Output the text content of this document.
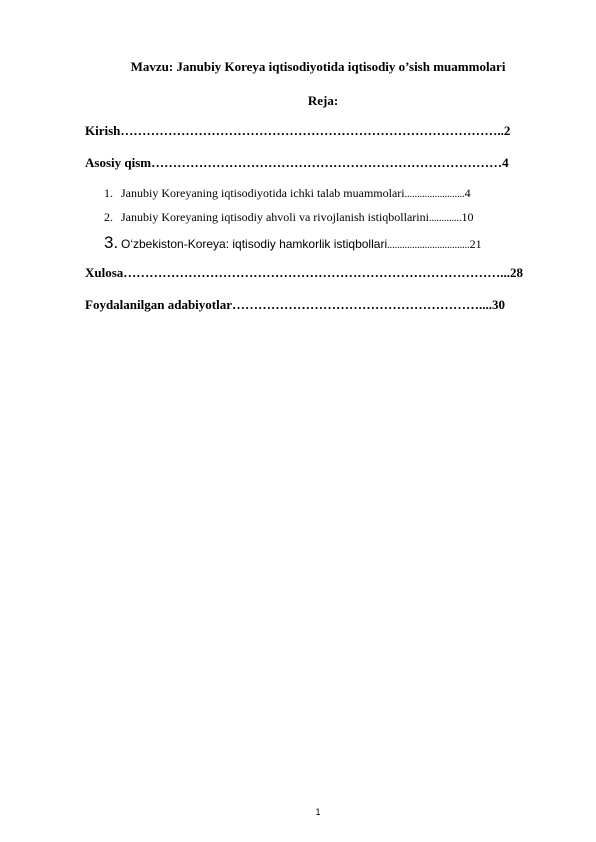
Mavzu: Janubiy Koreya iqtisodiyotida iqtisodiy o’sish muammolari
Reja:
Kirish……………………………………………………………………………..2
Asosiy qism………………………………………………………………………4
1. Janubiy Koreyaning iqtisodiyotida ichki talab muammolari........................4
2. Janubiy Koreyaning iqtisodiy ahvoli va rivojlanish istiqbollarini.............10
3. O‘zbekiston-Koreya: iqtisodiy hamkorlik istiqbollari.................................21
Xulosa……………………………………………………………………………...28
Foydalanilgan adabiyotlar…………………………………………………....30
1
